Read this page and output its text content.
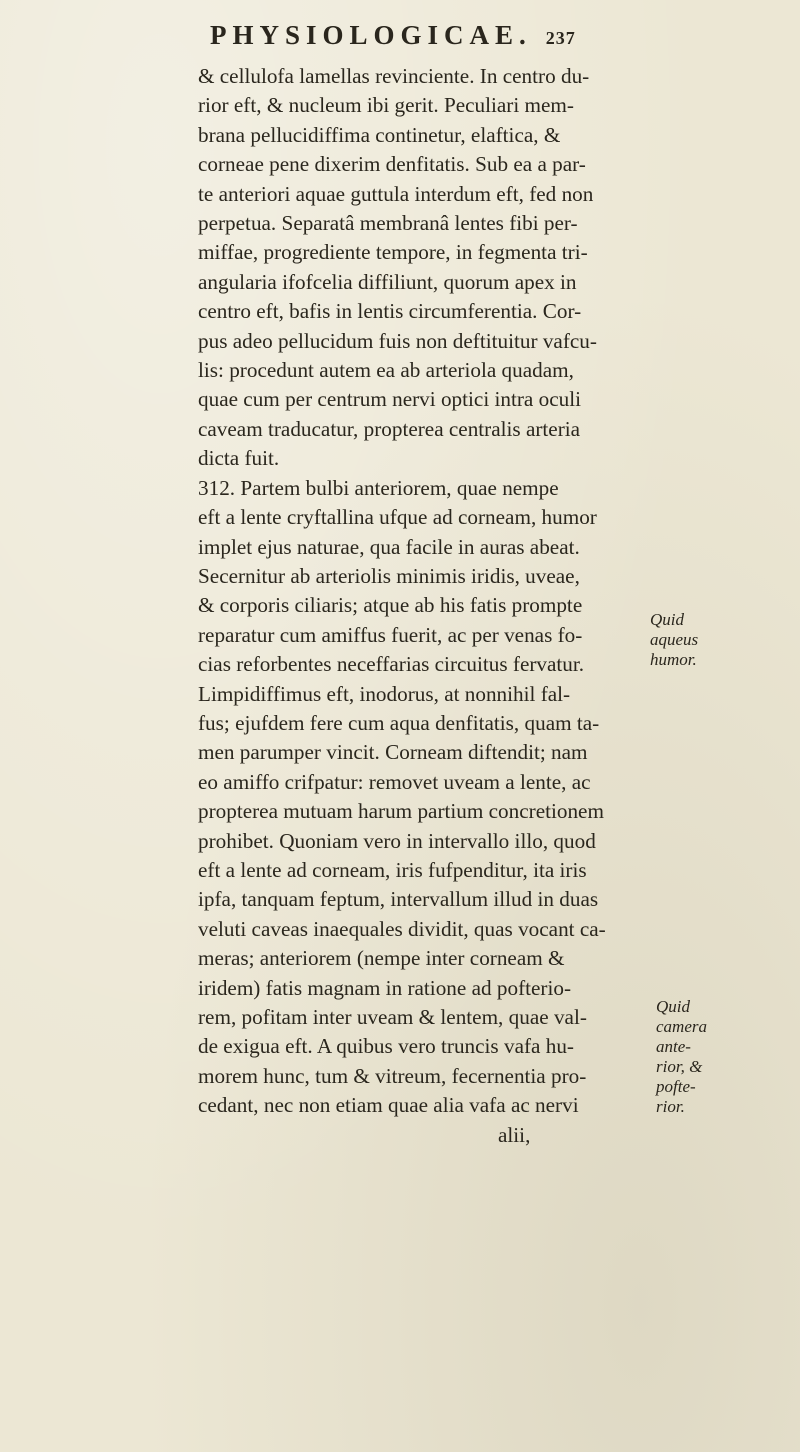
PHYSIOLOGICAE. 237
& cellulofa lamellas revinciente. In centro du-
rior eft, & nucleum ibi gerit. Peculiari mem-
brana pellucidiffima continetur, elaftica, &
corneae pene dixerim denfitatis. Sub ea a par-
te anteriori aquae guttula interdum eft, fed non
perpetua. Separatâ membranâ lentes fibi per-
miffae, progrediente tempore, in fegmenta tri-
angularia ifofcelia diffiliunt, quorum apex in
centro eft, bafis in lentis circumferentia. Cor-
pus adeo pellucidum fuis non deftituitur vafcu-
lis: procedunt autem ea ab arteriola quadam,
quae cum per centrum nervi optici intra oculi
caveam traducatur, propterea centralis arteria
dicta fuit.
312. Partem bulbi anteriorem, quae nempe
eft a lente cryftallina ufque ad corneam, humor
implet ejus naturae, qua facile in auras abeat.
Secernitur ab arteriolis minimis iridis, uveae,
& corporis ciliaris; atque ab his fatis prompte
reparatur cum amiffus fuerit, ac per venas fo-
cias reforbentes neceffarias circuitus fervatur.
Limpidiffimus eft, inodorus, at nonnihil fal-
fus; ejufdem fere cum aqua denfitatis, quam ta-
men parumper vincit. Corneam diftendit; nam
eo amiffo crifpatur: removet uveam a lente, ac
propterea mutuam harum partium concretionem
prohibet. Quoniam vero in intervallo illo, quod
eft a lente ad corneam, iris fufpenditur, ita iris
ipfa, tanquam feptum, intervallum illud in duas
veluti caveas inaequales dividit, quas vocant ca-
meras; anteriorem (nempe inter corneam &
iridem) fatis magnam in ratione ad pofterio-
rem, pofitam inter uveam & lentem, quae val-
de exigua eft. A quibus vero truncis vafa hu-
morem hunc, tum & vitreum, fecernentia pro-
cedant, nec non etiam quae alia vafa ac nervi
alii,
Quid
aqueus
humor.
Quid
camera
ante-
rior, &
pofte-
rior.
